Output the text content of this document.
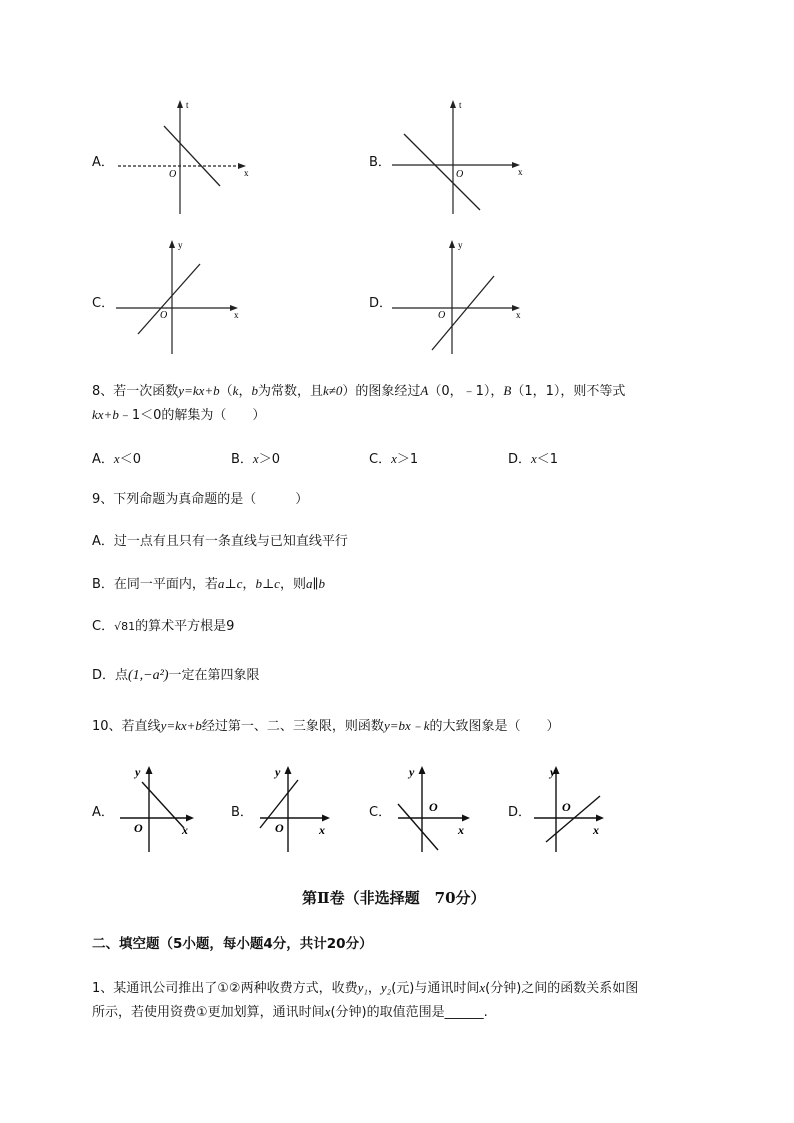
A．
t
x
O
B．
t
x
O
C．
y
x
O
D．
y
x
O
8、若一次函数y=kx+b（k，b为常数，且k≠0）的图象经过A（0，﹣1），B（1，1），则不等式
kx+b﹣1＜0的解集为（　　）
A．x＜0	B．x＞0	C．x＞1	D．x＜1
9、下列命题为真命题的是（　　　）
A．过一点有且只有一条直线与已知直线平行
B．在同一平面内，若a⊥c，b⊥c，则a∥b
C．√81的算术平方根是9
D．点(1,−a²)一定在第四象限
10、若直线y=kx+b经过第一、二、三象限，则函数y=bx﹣k的大致图象是（　　）
A．
y
x
O
B．
y
x
O
C．
y
x
O	D．
y
x
O
第Ⅱ卷（非选择题　70分）
二、填空题（5小题，每小题4分，共计20分）
1、某通讯公司推出了①②两种收费方式，收费y₁，y₂(元)与通讯时间x(分钟)之间的函数关系如图
所示，若使用资费①更加划算，通讯时间x(分钟)的取值范围是______.
